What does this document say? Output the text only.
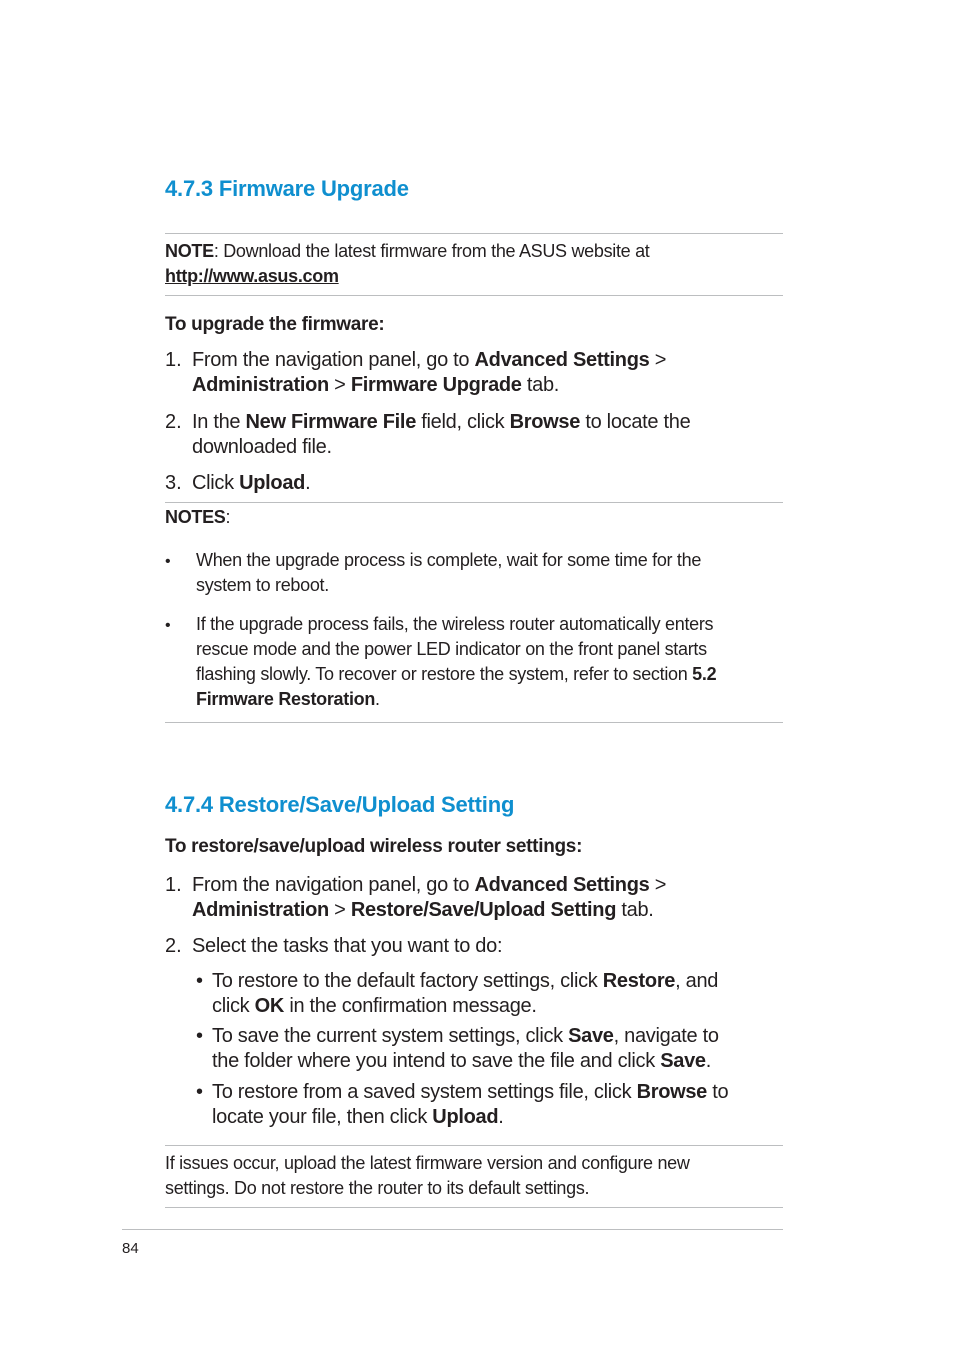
4.7.3 Firmware Upgrade
NOTE: Download the latest firmware from the ASUS website at
http://www.asus.com
To upgrade the firmware:
1. From the navigation panel, go to Advanced Settings >
Administration > Firmware Upgrade tab.
2. In the New Firmware File field, click Browse to locate the
downloaded file.
3. Click Upload.
NOTES:
• When the upgrade process is complete, wait for some time for the
system to reboot.
• If the upgrade process fails, the wireless router automatically enters
rescue mode and the power LED indicator on the front panel starts
flashing slowly. To recover or restore the system, refer to section 5.2
Firmware Restoration.
4.7.4 Restore/Save/Upload Setting
To restore/save/upload wireless router settings:
1. From the navigation panel, go to Advanced Settings >
Administration > Restore/Save/Upload Setting tab.
2. Select the tasks that you want to do:
• To restore to the default factory settings, click Restore, and
click OK in the confirmation message.
• To save the current system settings, click Save, navigate to
the folder where you intend to save the file and click Save.
• To restore from a saved system settings file, click Browse to
locate your file, then click Upload.
If issues occur, upload the latest firmware version and configure new
settings. Do not restore the router to its default settings.
84
